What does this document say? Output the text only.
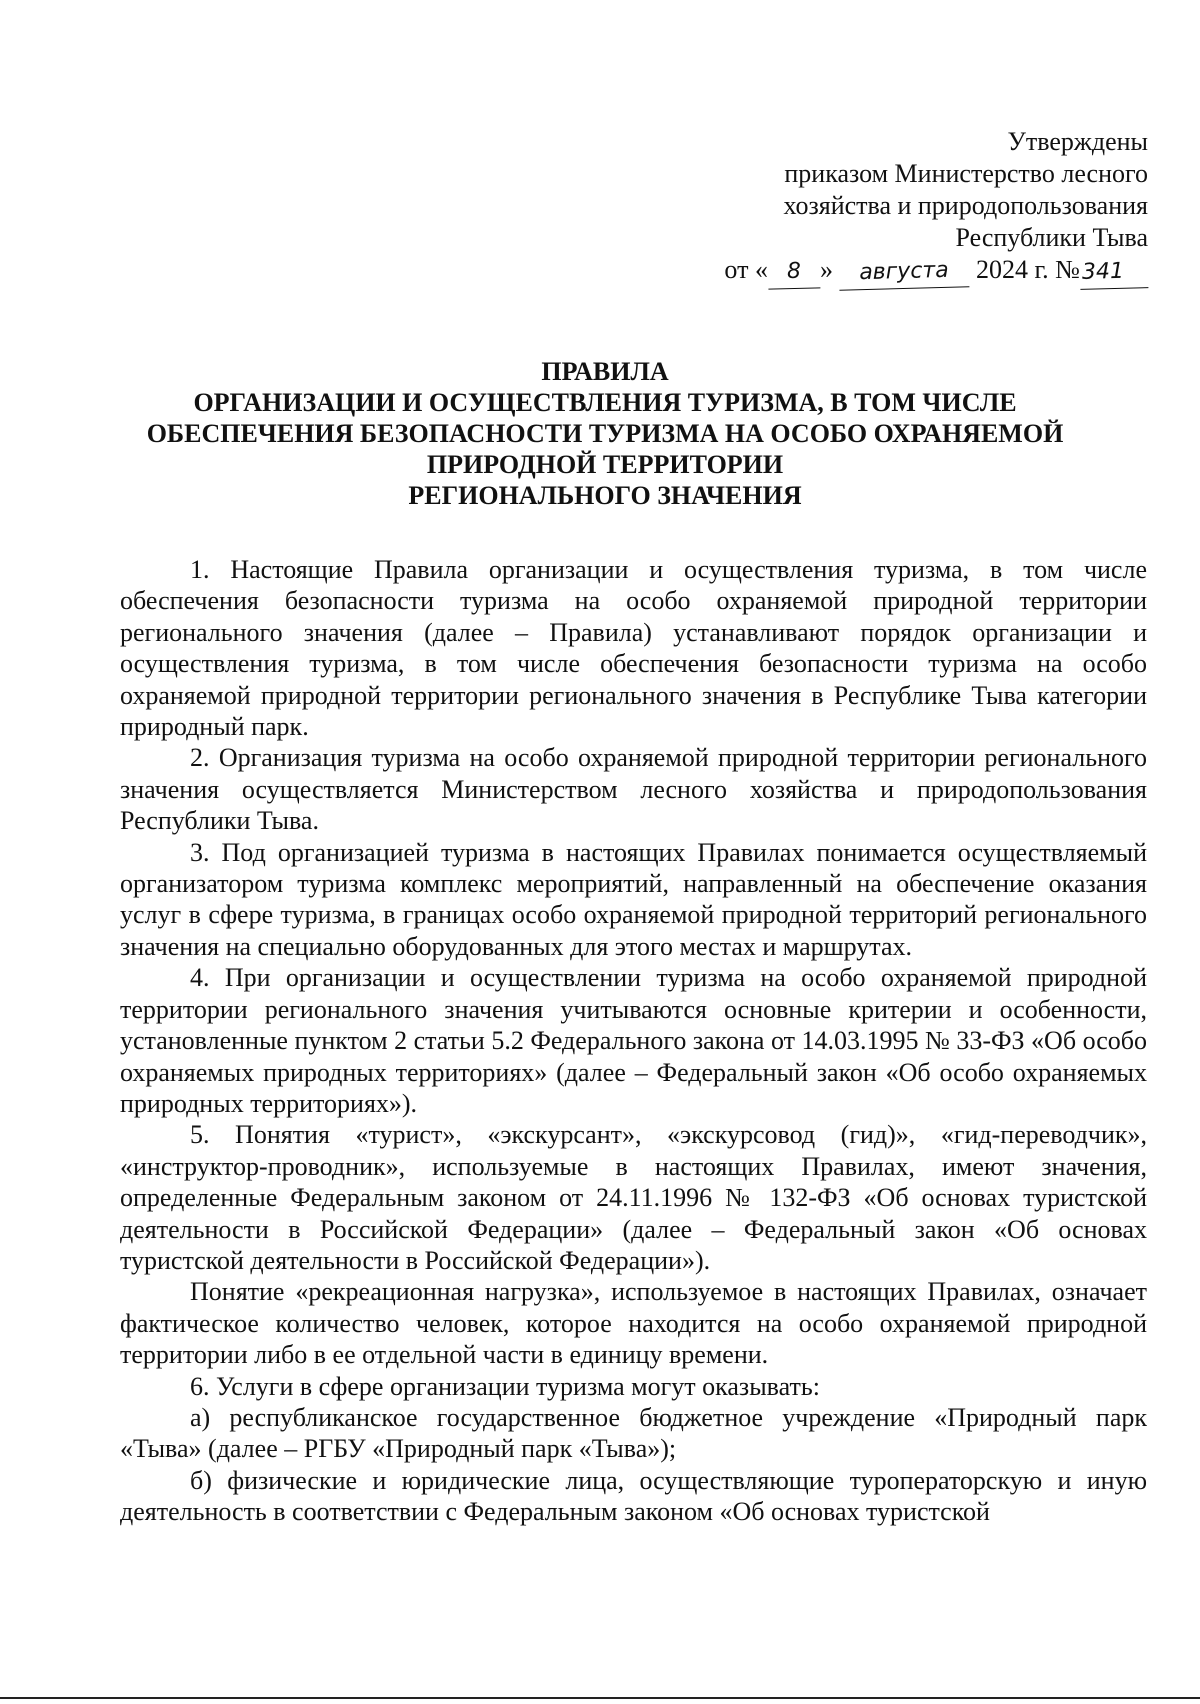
Утверждены
приказом Министерство лесного
хозяйства и природопользования
Республики Тыва
от « 8 » августа 2024 г. №341
ПРАВИЛА
ОРГАНИЗАЦИИ И ОСУЩЕСТВЛЕНИЯ ТУРИЗМА, В ТОМ ЧИСЛЕ
ОБЕСПЕЧЕНИЯ БЕЗОПАСНОСТИ ТУРИЗМА НА ОСОБО ОХРАНЯЕМОЙ
ПРИРОДНОЙ ТЕРРИТОРИИ
РЕГИОНАЛЬНОГО ЗНАЧЕНИЯ

1. Настоящие Правила организации и осуществления туризма, в том числе обеспечения безопасности туризма на особо охраняемой природной территории регионального значения (далее – Правила) устанавливают порядок организации и осуществления туризма, в том числе обеспечения безопасности туризма на особо охраняемой природной территории регионального значения в Республике Тыва категории природный парк.

2. Организация туризма на особо охраняемой природной территории регионального значения осуществляется Министерством лесного хозяйства и природопользования Республики Тыва.

3. Под организацией туризма в настоящих Правилах понимается осуществляемый организатором туризма комплекс мероприятий, направленный на обеспечение оказания услуг в сфере туризма, в границах особо охраняемой природной территорий регионального значения на специально оборудованных для этого местах и маршрутах.

4. При организации и осуществлении туризма на особо охраняемой природной территории регионального значения учитываются основные критерии и особенности, установленные пунктом 2 статьи 5.2 Федерального закона от 14.03.1995 № 33-ФЗ «Об особо охраняемых природных территориях» (далее – Федеральный закон «Об особо охраняемых природных территориях»).

5. Понятия «турист», «экскурсант», «экскурсовод (гид)», «гид-переводчик», «инструктор-проводник», используемые в настоящих Правилах, имеют значения, определенные Федеральным законом от 24.11.1996 № 132-ФЗ «Об основах туристской деятельности в Российской Федерации» (далее – Федеральный закон «Об основах туристской деятельности в Российской Федерации»).

Понятие «рекреационная нагрузка», используемое в настоящих Правилах, означает фактическое количество человек, которое находится на особо охраняемой природной территории либо в ее отдельной части в единицу времени.

6. Услуги в сфере организации туризма могут оказывать:

а) республиканское государственное бюджетное учреждение «Природный парк «Тыва» (далее – РГБУ «Природный парк «Тыва»);

б) физические и юридические лица, осуществляющие туроператорскую и иную деятельность в соответствии с Федеральным законом «Об основах туристской
